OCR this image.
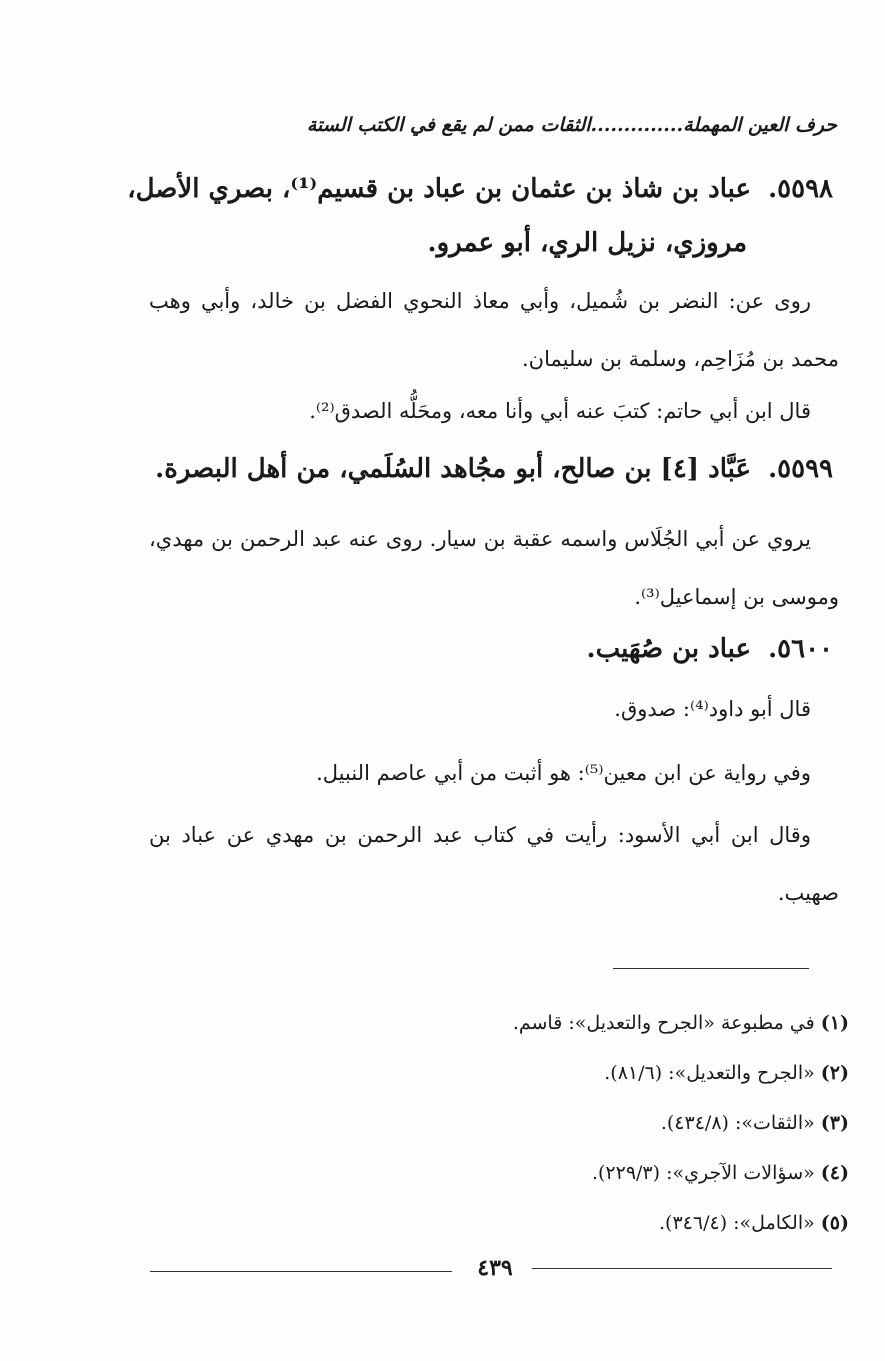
حرف العين المهملة..............الثقات ممن لم يقع في الكتب الستة
٥٥٩٨. عباد بن شاذ بن عثمان بن عباد بن قسيم⁽¹⁾، بصري الأصل،
مروزي، نزيل الري، أبو عمرو.
روى عن: النضر بن شُميل، وأبي معاذ النحوي الفضل بن خالد، وأبي وهب محمد بن مُزَاحِم، وسلمة بن سليمان.
قال ابن أبي حاتم: كتبَ عنه أبي وأنا معه، ومحَلُّه الصدق⁽²⁾.
٥٥٩٩. عَبَّاد [٤] بن صالح، أبو مجُاهد السُلَمي، من أهل البصرة.
يروي عن أبي الجُلَاس واسمه عقبة بن سيار. روى عنه عبد الرحمن بن مهدي، وموسى بن إسماعيل⁽³⁾.
٥٦٠٠. عباد بن صُهَيب.
قال أبو داود⁽⁴⁾: صدوق.
وفي رواية عن ابن معين⁽⁵⁾: هو أثبت من أبي عاصم النبيل.
وقال ابن أبي الأسود: رأيت في كتاب عبد الرحمن بن مهدي عن عباد بن صهيب.
(١) في مطبوعة «الجرح والتعديل»: قاسم.
(٢) «الجرح والتعديل»: (٨١/٦).
(٣) «الثقات»: (٤٣٤/٨).
(٤) «سؤالات الآجري»: (٢٢٩/٣).
(٥) «الكامل»: (٣٤٦/٤).
٤٣٩
